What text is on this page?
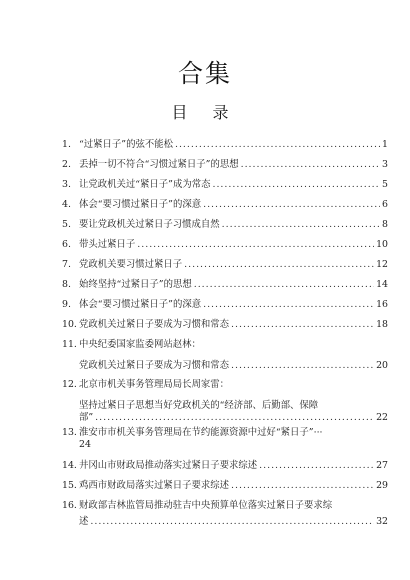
合集
目 录
1. “过紧日子”的弦不能松 .....	1
2. 丢掉一切不符合“习惯过紧日子”的思想 .....	3
3. 让党政机关过“紧日子”成为常态 .....	5
4. 体会“要习惯过紧日子”的深意 .....	6
5. 要让党政机关过紧日子习惯成自然 .....	8
6. 带头过紧日子 .....	10
7. 党政机关要习惯过紧日子 .....	12
8. 始终坚持“过紧日子”的思想 .....	14
9. 体会“要习惯过紧日子”的深意 .....	16
10. 党政机关过紧日子要成为习惯和常态 .....	18
11. 中央纪委国家监委网站赵林：
党政机关过紧日子要成为习惯和常态 .....	20
12. 北京市机关事务管理局局长周家雷：
坚持过紧日子思想当好党政机关的“经济部、后勤部、保障
部” .....	22
13. 淮安市市机关事务管理局在节约能源资源中过好“紧日子”···
24
14. 井冈山市财政局推动落实过紧日子要求综述 .....	27
15. 鸡西市财政局落实过紧日子要求综述 .....	29
16. 财政部吉林监管局推动驻吉中央预算单位落实过紧日子要求综
述 .....	32
